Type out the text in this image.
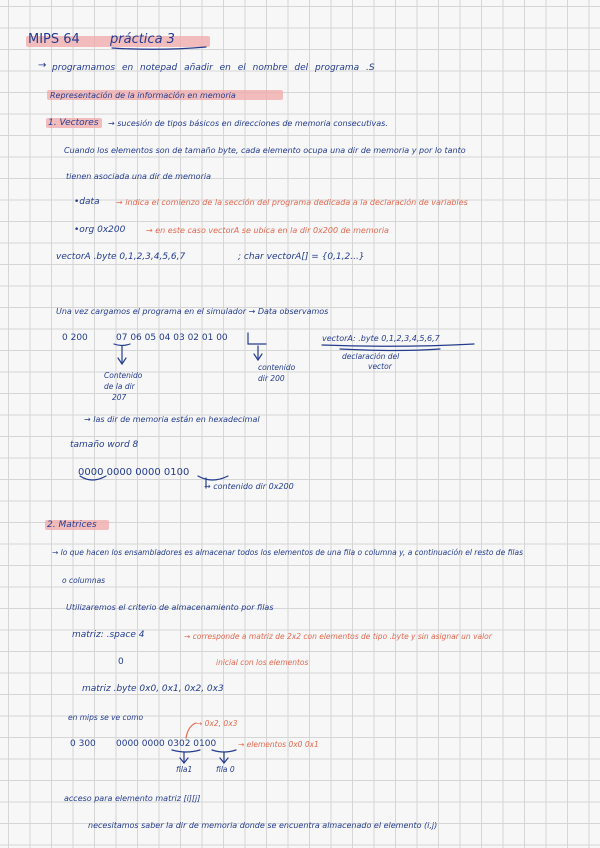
MIPS 64 práctica 3
→ programamos en notepad añadir en el nombre del programa .S
Representación de la información en memoria
1. Vectores → sucesión de tipos básicos en direcciones de memoria consecutivas.
Cuando los elementos son de tamaño byte, cada elemento ocupa una dir de memoria y por lo tanto
tienen asociada una dir de memoria
•data → indica el comienzo de la sección del programa dedicada a la declaración de variables
•org 0x200	→ en este caso vectorA se ubica en la dir 0x200 de memoria
vectorA .byte 0,1,2,3,4,5,6,7	; char vectorA[] = {0,1,2...}
Una vez cargamos el programa en el simulador → Data observamos
0 200	07 06 05 04 03 02 01 00	vectorA: .byte 0,1,2,3,4,5,6,7
declaración del
vector
Contenido
de la dir
207
contenido
dir 200
→ las dir de memoria están en hexadecimal
tamaño word 8
0000 0000 0000 0100
→ contenido dir 0x200
2. Matrices
→ lo que hacen los ensambladores es almacenar todos los elementos de una fila o columna y, a continuación el resto de filas
o columnas
Utilizaremos el criterio de almacenamiento por filas
matriz: .space 4	→ corresponde a matriz de 2x2 con elementos de tipo .byte y sin asignar un valor
inicial con los elementos
0
matriz .byte 0x0, 0x1, 0x2, 0x3
en mips se ve como
→ 0x2, 0x3
0 300 0000 0000 0302 0100	→ elementos 0x0 0x1
fila1	fila 0
acceso para elemento matriz [i][j]
necesitamos saber la dir de memoria donde se encuentra almacenado el elemento (i,j)
